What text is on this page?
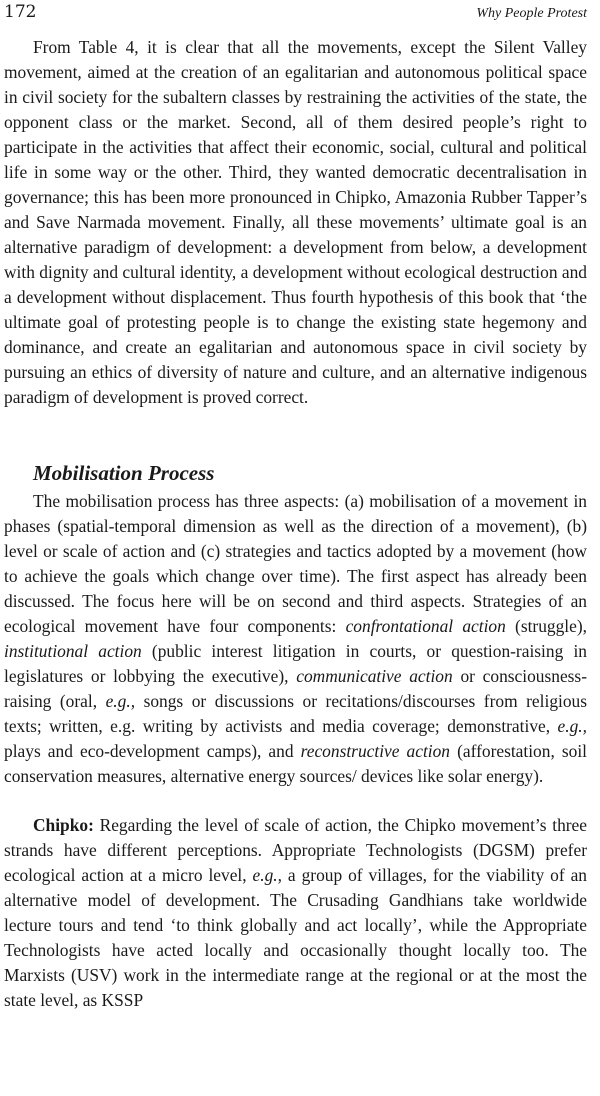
172	Why People Protest

From Table 4, it is clear that all the movements, except the Silent Valley movement, aimed at the creation of an egalitarian and autonomous political space in civil society for the subaltern classes by restraining the activities of the state, the opponent class or the market. Second, all of them desired people’s right to participate in the activities that affect their economic, social, cultural and political life in some way or the other. Third, they wanted democratic decentralisation in governance; this has been more pronounced in Chipko, Amazonia Rubber Tapper’s and Save Narmada movement. Finally, all these movements’ ultimate goal is an alternative paradigm of development: a development from below, a development with dignity and cultural identity, a development without ecological destruction and a development without displacement. Thus fourth hypothesis of this book that ‘the ultimate goal of protesting people is to change the existing state hegemony and dominance, and create an egalitarian and autonomous space in civil society by pursuing an ethics of diversity of nature and culture, and an alternative indigenous paradigm of development is proved correct.

Mobilisation Process

The mobilisation process has three aspects: (a) mobilisation of a movement in phases (spatial-temporal dimension as well as the direction of a movement), (b) level or scale of action and (c) strategies and tactics adopted by a movement (how to achieve the goals which change over time). The first aspect has already been discussed. The focus here will be on second and third aspects. Strategies of an ecological movement have four components: confrontational action (struggle), institutional action (public interest litigation in courts, or question-raising in legislatures or lobbying the executive), communicative action or consciousness-raising (oral, e.g., songs or discussions or recitations/discourses from religious texts; written, e.g. writing by activists and media coverage; demonstrative, e.g., plays and eco-development camps), and reconstructive action (afforestation, soil conservation measures, alternative energy sources/ devices like solar energy).

Chipko: Regarding the level of scale of action, the Chipko movement’s three strands have different perceptions. Appropriate Technologists (DGSM) prefer ecological action at a micro level, e.g., a group of villages, for the viability of an alternative model of development. The Crusading Gandhians take worldwide lecture tours and tend ‘to think globally and act locally’, while the Appropriate Technologists have acted locally and occasionally thought locally too. The Marxists (USV) work in the intermediate range at the regional or at the most the state level, as KSSP
